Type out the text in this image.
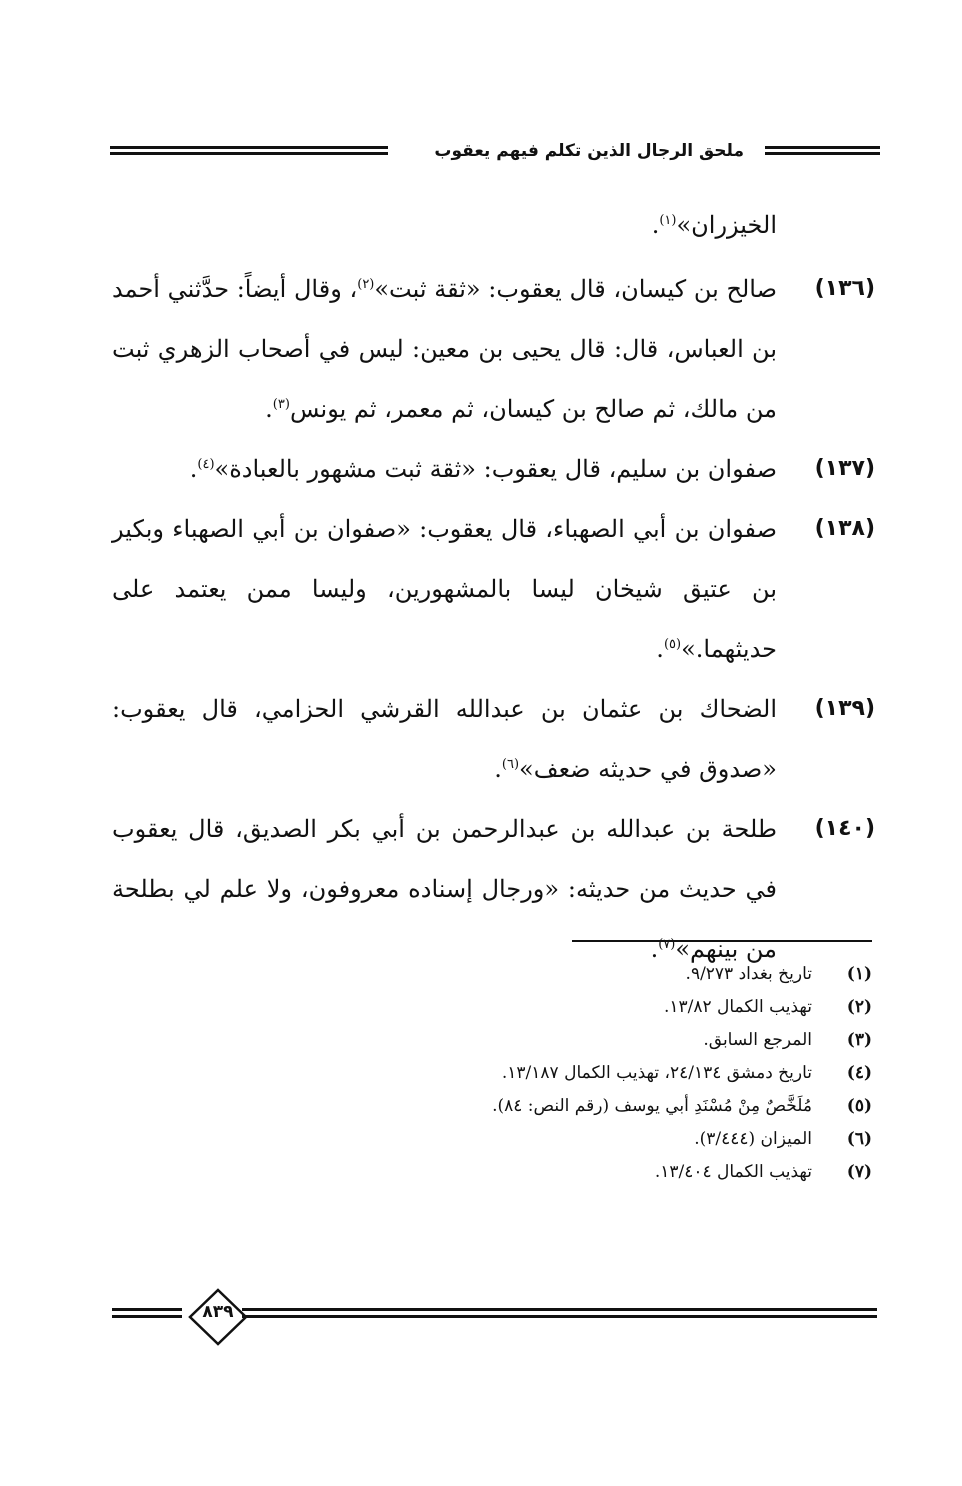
ملحق الرجال الذين تكلم فيهم يعقوب

الخيزران»$^{(١)}$.

(١٣٦)
صالح بن كيسان، قال يعقوب: «ثقة ثبت»$^{(٢)}$، وقال أيضاً: حدَّثني أحمد بن العباس، قال: قال يحيى بن معين: ليس في أصحاب الزهري ثبت من مالك، ثم صالح بن كيسان، ثم معمر، ثم يونس$^{(٣)}$.
(١٣٧)
صفوان بن سليم، قال يعقوب: «ثقة ثبت مشهور بالعبادة»$^{(٤)}$.
(١٣٨)
صفوان بن أبي الصهباء، قال يعقوب: «صفوان بن أبي الصهباء وبكير بن عتيق شيخان ليسا بالمشهورين، وليسا ممن يعتمد على حديثهما.»$^{(٥)}$.
(١٣٩)
الضحاك بن عثمان بن عبدالله القرشي الحزامي، قال يعقوب: «صدوق في حديثه ضعف»$^{(٦)}$.
(١٤٠)
طلحة بن عبدالله بن عبدالرحمن بن أبي بكر الصديق، قال يعقوب في حديث من حديثه: «ورجال إسناده معروفون، ولا علم لي بطلحة من بينهم»$^{(٧)}$.
(١)
تاريخ بغداد ٩/٢٧٣.
(٢)
تهذيب الكمال ١٣/٨٢.
(٣)
المرجع السابق.
(٤)
تاريخ دمشق ٢٤/١٣٤، تهذيب الكمال ١٣/١٨٧.
(٥)
مُلَخَّصٌ مِنْ مُسْنَدِ أبي يوسف (رقم النص: ٨٤).
(٦)
الميزان (٣/٤٤٤).
(٧)
تهذيب الكمال ١٣/٤٠٤.
٨٣٩
